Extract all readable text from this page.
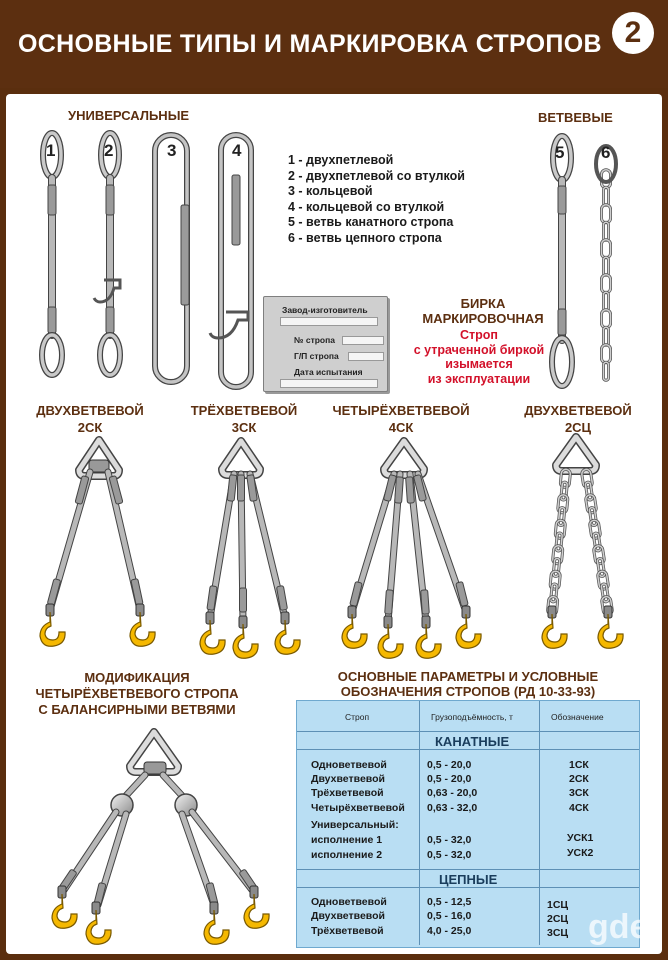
ОСНОВНЫЕ ТИПЫ И МАРКИРОВКА СТРОПОВ 2
УНИВЕРСАЛЬНЫЕ	ВЕТВЕВЫЕ
1	2	3	4	5 6
1 - двухпетлевой
2 - двухпетлевой со втулкой
3 - кольцевой
4 - кольцевой со втулкой
5 - ветвь канатного стропа
6 - ветвь цепного стропа
Завод-изготовитель
№ стропа
Г/П стропа
Дата испытания
БИРКА
МАРКИРОВОЧНАЯ
Строп
с утраченной биркой
изымается
из эксплуатации
ДВУХВЕТВЕВОЙ
2СК
ТРЁХВЕТВЕВОЙ
3СК
ЧЕТЫРЁХВЕТВЕВОЙ
4СК
ДВУХВЕТВЕВОЙ
2СЦ
МОДИФИКАЦИЯ
ЧЕТЫРЁХВЕТВЕВОГО СТРОПА
С БАЛАНСИРНЫМИ ВЕТВЯМИ
ОСНОВНЫЕ ПАРАМЕТРЫ И УСЛОВНЫЕ
ОБОЗНАЧЕНИЯ СТРОПОВ (РД 10-33-93)
Строп	Грузоподъёмность, т	Обозначение
КАНАТНЫЕ
Одноветвевой	0,5 - 20,0	1СК
Двухветвевой	0,5 - 20,0	2СК
Трёхветвевой	0,63 - 20,0	3СК
Четырёхветвевой 0,63 - 32,0	4СК
Универсальный:
исполнение 1	0,5 - 32,0	УСК1
исполнение 2	0,5 - 32,0	УСК2
ЦЕПНЫЕ
Одноветвевой	0,5 - 12,5	1СЦ
Двухветвевой	0,5 - 16,0	2СЦ
Трёхветвевой	4,0 - 25,0	3СЦ gde
